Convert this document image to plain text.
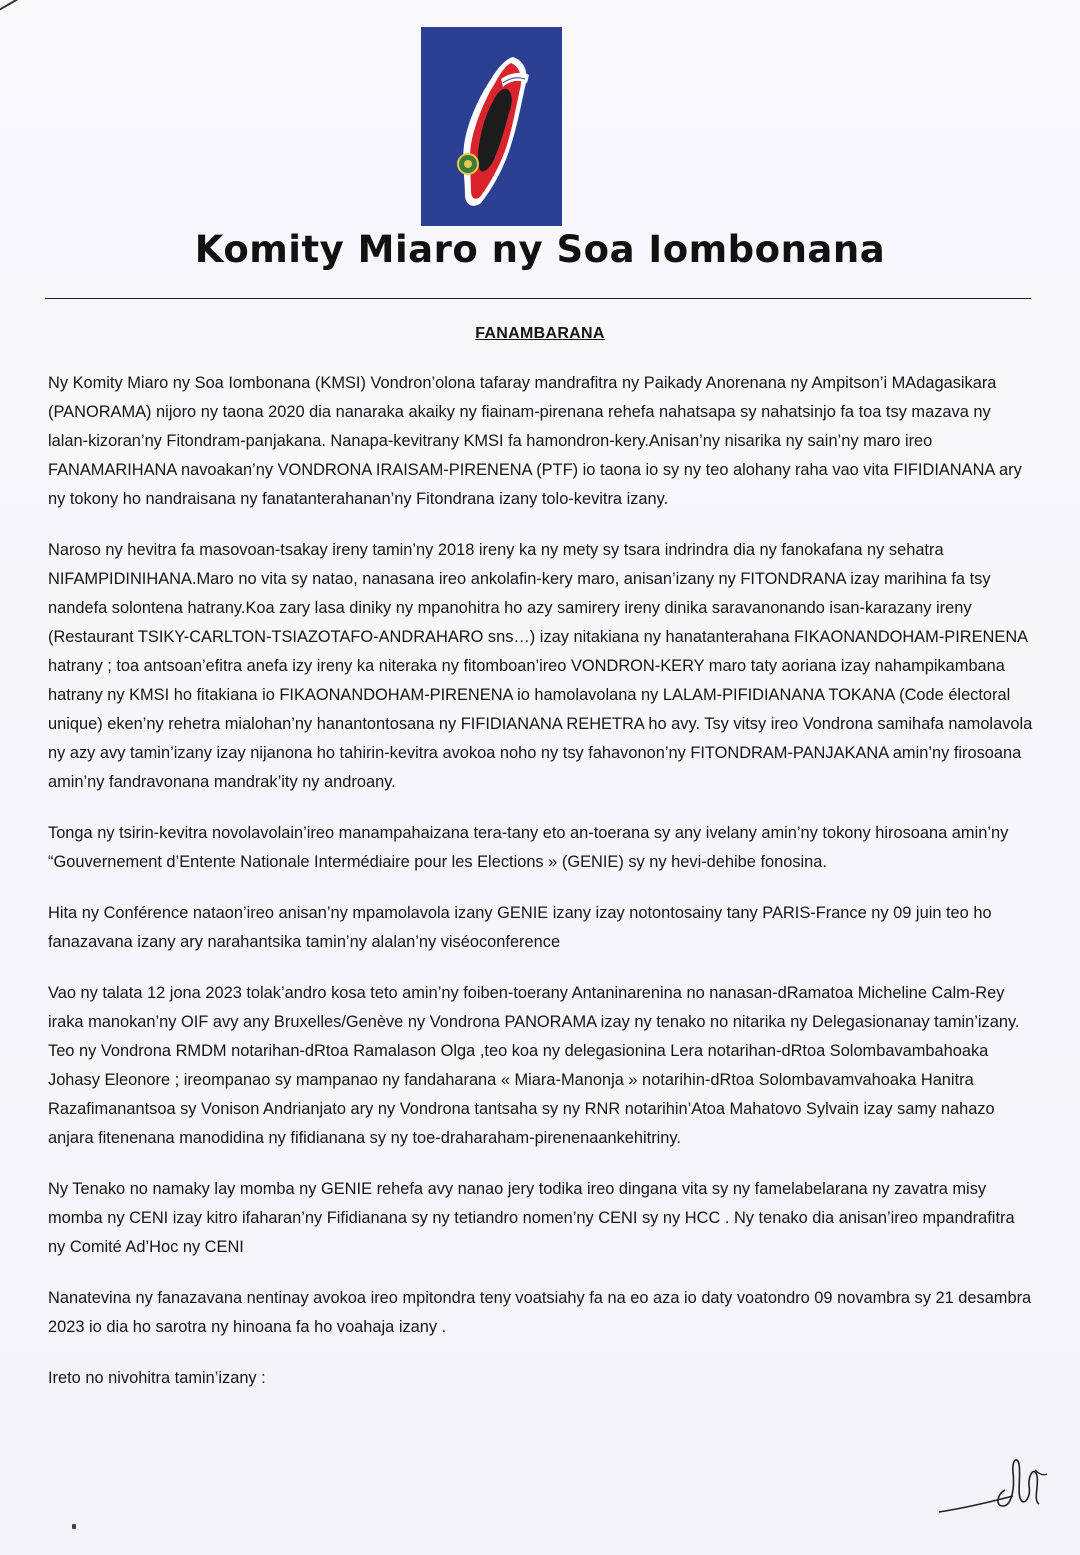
Komity Miaro ny Soa Iombonana
FANAMBARANA

Ny Komity Miaro ny Soa Iombonana (KMSI) Vondron’olona tafaray mandrafitra ny Paikady Anorenana ny Ampitson’i MAdagasikara (PANORAMA) nijoro ny taona 2020 dia nanaraka akaiky ny fiainam-pirenana rehefa nahatsapa sy nahatsinjo fa toa tsy mazava ny lalan-kizoran’ny Fitondram-panjakana. Nanapa-kevitrany KMSI fa hamondron-kery.Anisan’ny nisarika ny sain’ny maro ireo FANAMARIHANA navoakan’ny VONDRONA IRAISAM-PIRENENA (PTF) io taona io sy ny teo alohany raha vao vita FIFIDIANANA ary ny tokony ho nandraisana ny fanatanterahanan’ny Fitondrana izany tolo-kevitra izany.

Naroso ny hevitra fa masovoan-tsakay ireny tamin’ny 2018 ireny ka ny mety sy tsara indrindra dia ny fanokafana ny sehatra NIFAMPIDINIHANA.Maro no vita sy natao, nanasana ireo ankolafin-kery maro, anisan’izany ny FITONDRANA izay marihina fa tsy nandefa solontena hatrany.Koa zary lasa diniky ny mpanohitra ho azy samirery ireny dinika saravanonando isan-karazany ireny (Restaurant TSIKY-CARLTON-TSIAZOTAFO-ANDRAHARO sns…) izay nitakiana ny hanatanterahana FIKAONANDOHAM-PIRENENA hatrany ; toa antsoan’efitra anefa izy ireny ka niteraka ny fitomboan’ireo VONDRON-KERY maro taty aoriana izay nahampikambana hatrany ny KMSI ho fitakiana io FIKAONANDOHAM-PIRENENA io hamolavolana ny LALAM-PIFIDIANANA TOKANA (Code électoral unique) eken’ny rehetra mialohan’ny hanantontosana ny FIFIDIANANA REHETRA ho avy. Tsy vitsy ireo Vondrona samihafa namolavola ny azy avy tamin’izany izay nijanona ho tahirin-kevitra avokoa noho ny tsy fahavonon’ny FITONDRAM-PANJAKANA amin’ny firosoana amin’ny fandravonana mandrak’ity ny androany.

Tonga ny tsirin-kevitra novolavolain’ireo manampahaizana tera-tany eto an-toerana sy any ivelany amin’ny tokony hirosoana amin’ny “Gouvernement d’Entente Nationale Intermédiaire pour les Elections » (GENIE) sy ny hevi-dehibe fonosina.

Hita ny Conférence nataon’ireo anisan’ny mpamolavola izany GENIE izany izay notontosainy tany PARIS-France ny 09 juin teo ho fanazavana izany ary narahantsika tamin’ny alalan’ny viséoconference

Vao ny talata 12 jona 2023 tolak’andro kosa teto amin’ny foiben-toerany Antaninarenina no nanasan-dRamatoa Micheline Calm-Rey iraka manokan’ny OIF avy any Bruxelles/Genève ny Vondrona PANORAMA izay ny tenako no nitarika ny Delegasionanay tamin’izany. Teo ny Vondrona RMDM notarihan-dRtoa Ramalason Olga ,teo koa ny delegasionina Lera notarihan-dRtoa Solombavambahoaka Johasy Eleonore ; ireompanao sy mampanao ny fandaharana « Miara-Manonja » notarihin-dRtoa Solombavamvahoaka Hanitra Razafimanantsoa sy Vonison Andrianjato ary ny Vondrona tantsaha sy ny RNR notarihin’Atoa Mahatovo Sylvain izay samy nahazo anjara fitenenana manodidina ny fifidianana sy ny toe-draharaham-pirenenaankehitriny.

Ny Tenako no namaky lay momba ny GENIE rehefa avy nanao jery todika ireo dingana vita sy ny famelabelarana ny zavatra misy momba ny CENI izay kitro ifaharan’ny Fifidianana sy ny tetiandro nomen’ny CENI sy ny HCC . Ny tenako dia anisan’ireo mpandrafitra ny Comité Ad’Hoc ny CENI

Nanatevina ny fanazavana nentinay avokoa ireo mpitondra teny voatsiahy fa na eo aza io daty voatondro 09 novambra sy 21 desambra 2023 io dia ho sarotra ny hinoana fa ho voahaja izany .

Ireto no nivohitra tamin’izany :
